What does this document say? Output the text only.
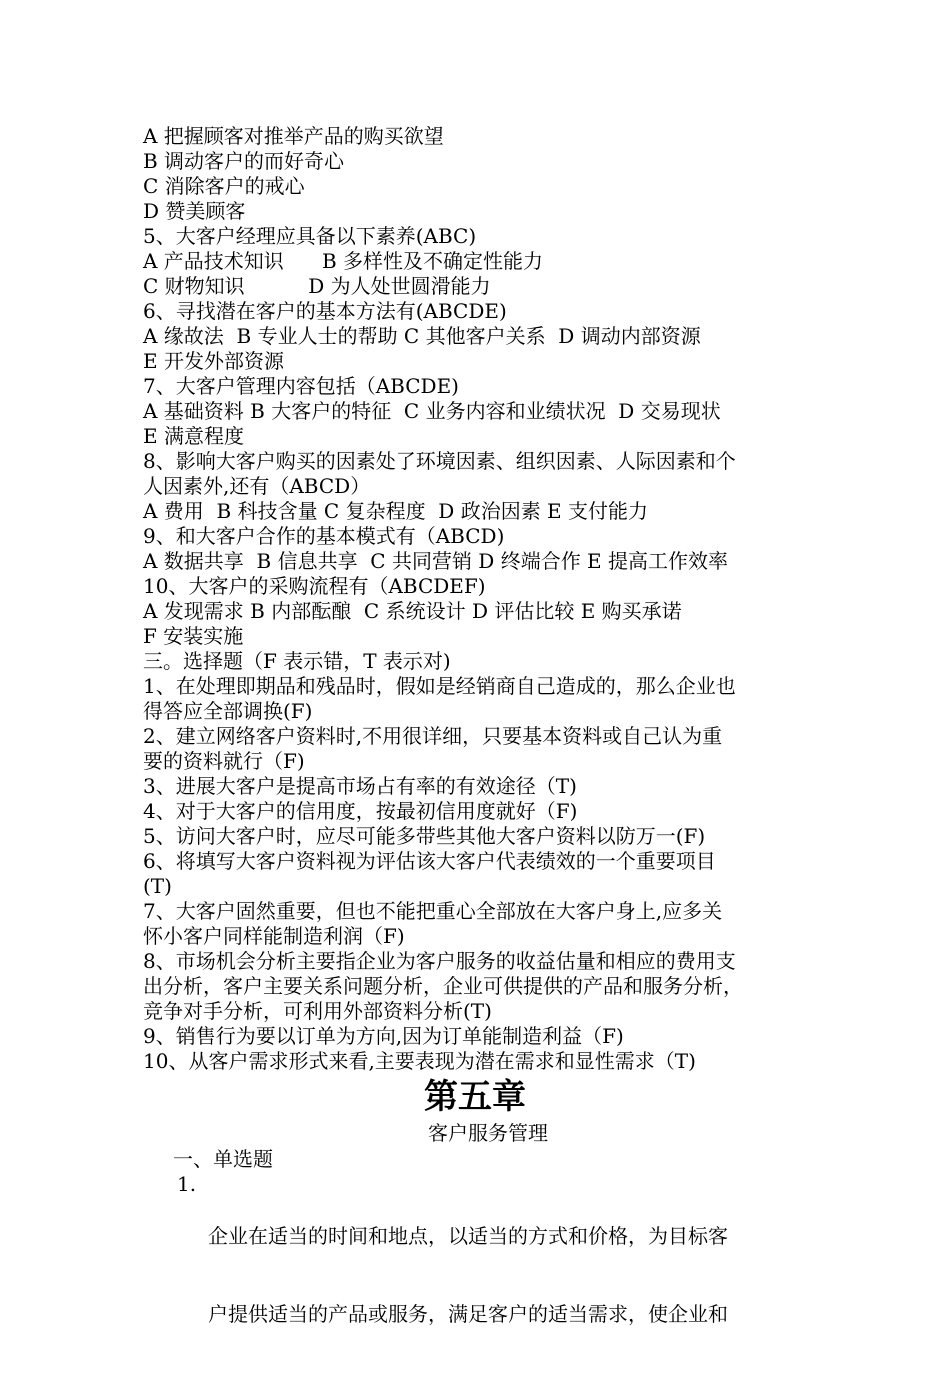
A 把握顾客对推举产品的购买欲望
B 调动客户的而好奇心
C 消除客户的戒心
D 赞美顾客
5、大客户经理应具备以下素养(ABC)
A 产品技术知识      B 多样性及不确定性能力
C 财物知识          D 为人处世圆滑能力
6、寻找潜在客户的基本方法有(ABCDE)
A 缘故法  B 专业人士的帮助 C 其他客户关系  D 调动内部资源
E 开发外部资源
7、大客户管理内容包括（ABCDE)
A 基础资料 B 大客户的特征  C 业务内容和业绩状况  D 交易现状
E 满意程度
8、影响大客户购买的因素处了环境因素、组织因素、人际因素和个
人因素外,还有（ABCD）
A 费用  B 科技含量 C 复杂程度  D 政治因素 E 支付能力
9、和大客户合作的基本模式有（ABCD)
A 数据共享  B 信息共享  C 共同营销 D 终端合作 E 提高工作效率
10、大客户的采购流程有（ABCDEF)
A 发现需求 B 内部酝酿  C 系统设计 D 评估比较 E 购买承诺
F 安装实施
三。选择题（F 表示错，T 表示对)
1、在处理即期品和残品时，假如是经销商自己造成的，那么企业也
得答应全部调换(F)
2、建立网络客户资料时,不用很详细，只要基本资料或自己认为重
要的资料就行（F)
3、进展大客户是提高市场占有率的有效途径（T)
4、对于大客户的信用度，按最初信用度就好（F)
5、访问大客户时，应尽可能多带些其他大客户资料以防万一(F)
6、将填写大客户资料视为评估该大客户代表绩效的一个重要项目
(T)
7、大客户固然重要，但也不能把重心全部放在大客户身上,应多关
怀小客户同样能制造利润（F)
8、市场机会分析主要指企业为客户服务的收益估量和相应的费用支
出分析，客户主要关系问题分析，企业可供提供的产品和服务分析，
竞争对手分析，可利用外部资料分析(T)
9、销售行为要以订单为方向,因为订单能制造利益（F)
10、从客户需求形式来看,主要表现为潜在需求和显性需求（T)
第五章
客户服务管理
一、单选题
1.

企业在适当的时间和地点，以适当的方式和价格，为目标客

户提供适当的产品或服务，满足客户的适当需求，使企业和
